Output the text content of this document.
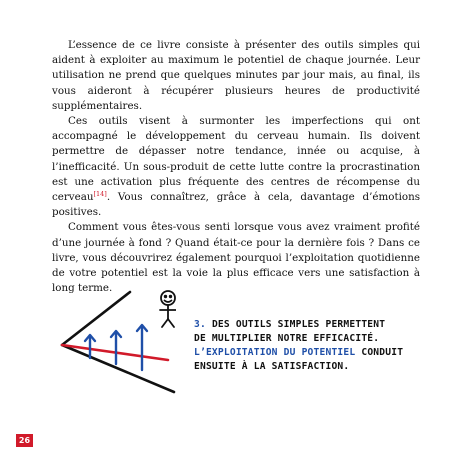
L’essence de ce livre consiste à présenter des outils simples qui aident à exploiter au maximum le potentiel de chaque journée. Leur utilisation ne prend que quelques minutes par jour mais, au final, ils vous aideront à récupérer plusieurs heures de productivité supplémentaires.

Ces outils visent à surmonter les imperfections qui ont accompagné le développement du cerveau humain. Ils doivent permettre de dépasser notre tendance, innée ou acquise, à l’inefficacité. Un sous-produit de cette lutte contre la procrastination est une activation plus fréquente des centres de récompense du cerveau[14]. Vous connaîtrez, grâce à cela, davantage d’émotions positives.

Comment vous êtes-vous senti lorsque vous avez vraiment profité d’une journée à fond ? Quand était-ce pour la dernière fois ? Dans ce livre, vous découvrirez également pourquoi l’exploitation quotidienne de votre potentiel est la voie la plus efficace vers une satisfaction à long terme.

3. DES OUTILS SIMPLES PERMETTENT
DE MULTIPLIER NOTRE EFFICACITÉ.
L’EXPLOITATION DU POTENTIEL CONDUIT
ENSUITE À LA SATISFACTION.
26
